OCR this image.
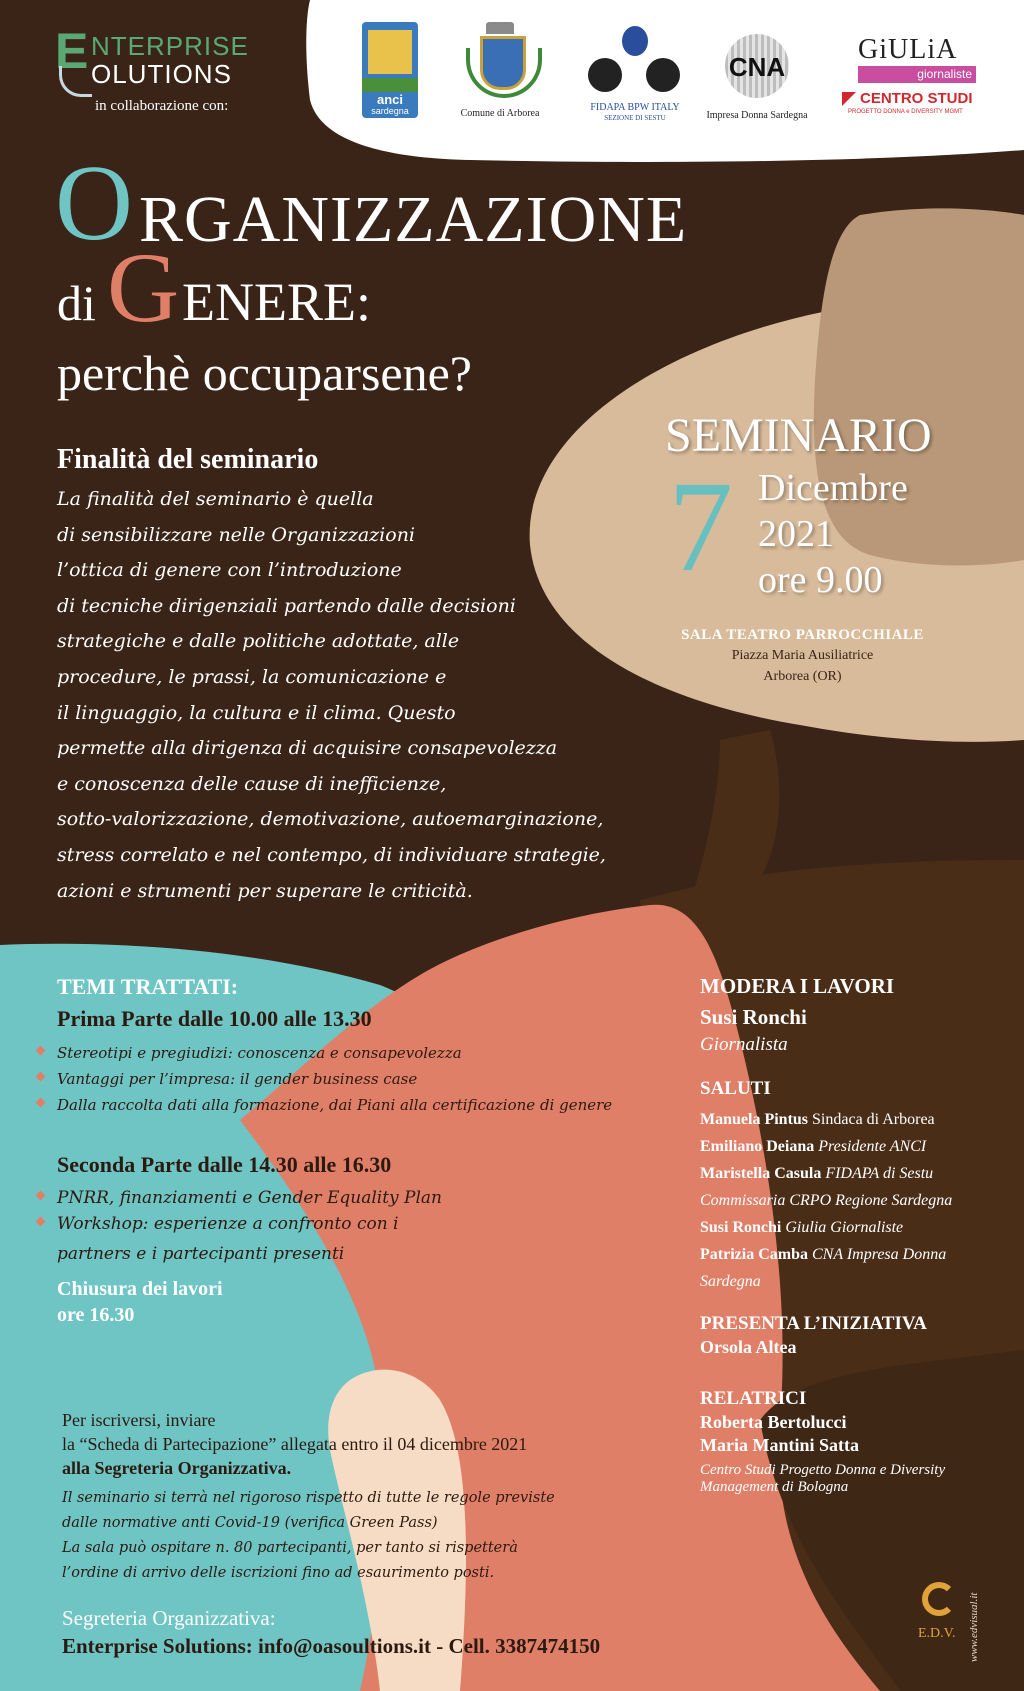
E NTERPRISE
OLUTIONS
in collaborazione con:	anci
sardegna	Comune di Arborea
FIDAPA BPW ITALY
SEZIONE DI SESTU
CNA
Impresa Donna Sardegna
GiULiA
giornaliste
CENTRO STUDI
PROGETTO DONNA e DIVERSITY MGMT
O RGANIZZAZIONE
di G ENERE:
perchè occuparsene?
Finalità del seminario
La finalità del seminario è quella
di sensibilizzare nelle Organizzazioni
l’ottica di genere con l’introduzione
di tecniche dirigenziali partendo dalle decisioni
strategiche e dalle politiche adottate, alle
procedure, le prassi, la comunicazione e
il linguaggio, la cultura e il clima. Questo
permette alla dirigenza di acquisire consapevolezza
e conoscenza delle cause di inefficienze,
sotto-valorizzazione, demotivazione, autoemarginazione,
stress correlato e nel contempo, di individuare strategie,
azioni e strumenti per superare le criticità.
SEMINARIO
7 Dicembre
2021
ore 9.00
SALA TEATRO PARROCCHIALE
Piazza Maria Ausiliatrice
Arborea (OR)
TEMI TRATTATI:
Prima Parte dalle 10.00 alle 13.30
Stereotipi e pregiudizi: conoscenza e consapevolezza
Vantaggi per l’impresa: il gender business case
Dalla raccolta dati alla formazione, dai Piani alla certificazione di genere
Seconda Parte dalle 14.30 alle 16.30
PNRR, finanziamenti e Gender Equality Plan
Workshop: esperienze a confronto con i
partners e i partecipanti presenti
Chiusura dei lavori
ore 16.30
Per iscriversi, inviare
la “Scheda di Partecipazione” allegata entro il 04 dicembre 2021
alla Segreteria Organizzativa.
Il seminario si terrà nel rigoroso rispetto di tutte le regole previste
dalle normative anti Covid-19 (verifica Green Pass)
La sala può ospitare n. 80 partecipanti, per tanto si rispetterà
l’ordine di arrivo delle iscrizioni fino ad esaurimento posti.
Segreteria Organizzativa:
Enterprise Solutions: info@oasoultions.it - Cell. 3387474150
MODERA I LAVORI
Susi Ronchi
Giornalista
SALUTI
Manuela Pintus Sindaca di Arborea
Emiliano Deiana Presidente ANCI
Maristella Casula FIDAPA di Sestu
Commissaria CRPO Regione Sardegna
Susi Ronchi Giulia Giornaliste
Patrizia Camba CNA Impresa Donna
Sardegna
PRESENTA L’INIZIATIVA
Orsola Altea
RELATRICI
Roberta Bertolucci
Maria Mantini Satta
Centro Studi Progetto Donna e Diversity
Management di Bologna
E.D.V. www.edvisual.it
